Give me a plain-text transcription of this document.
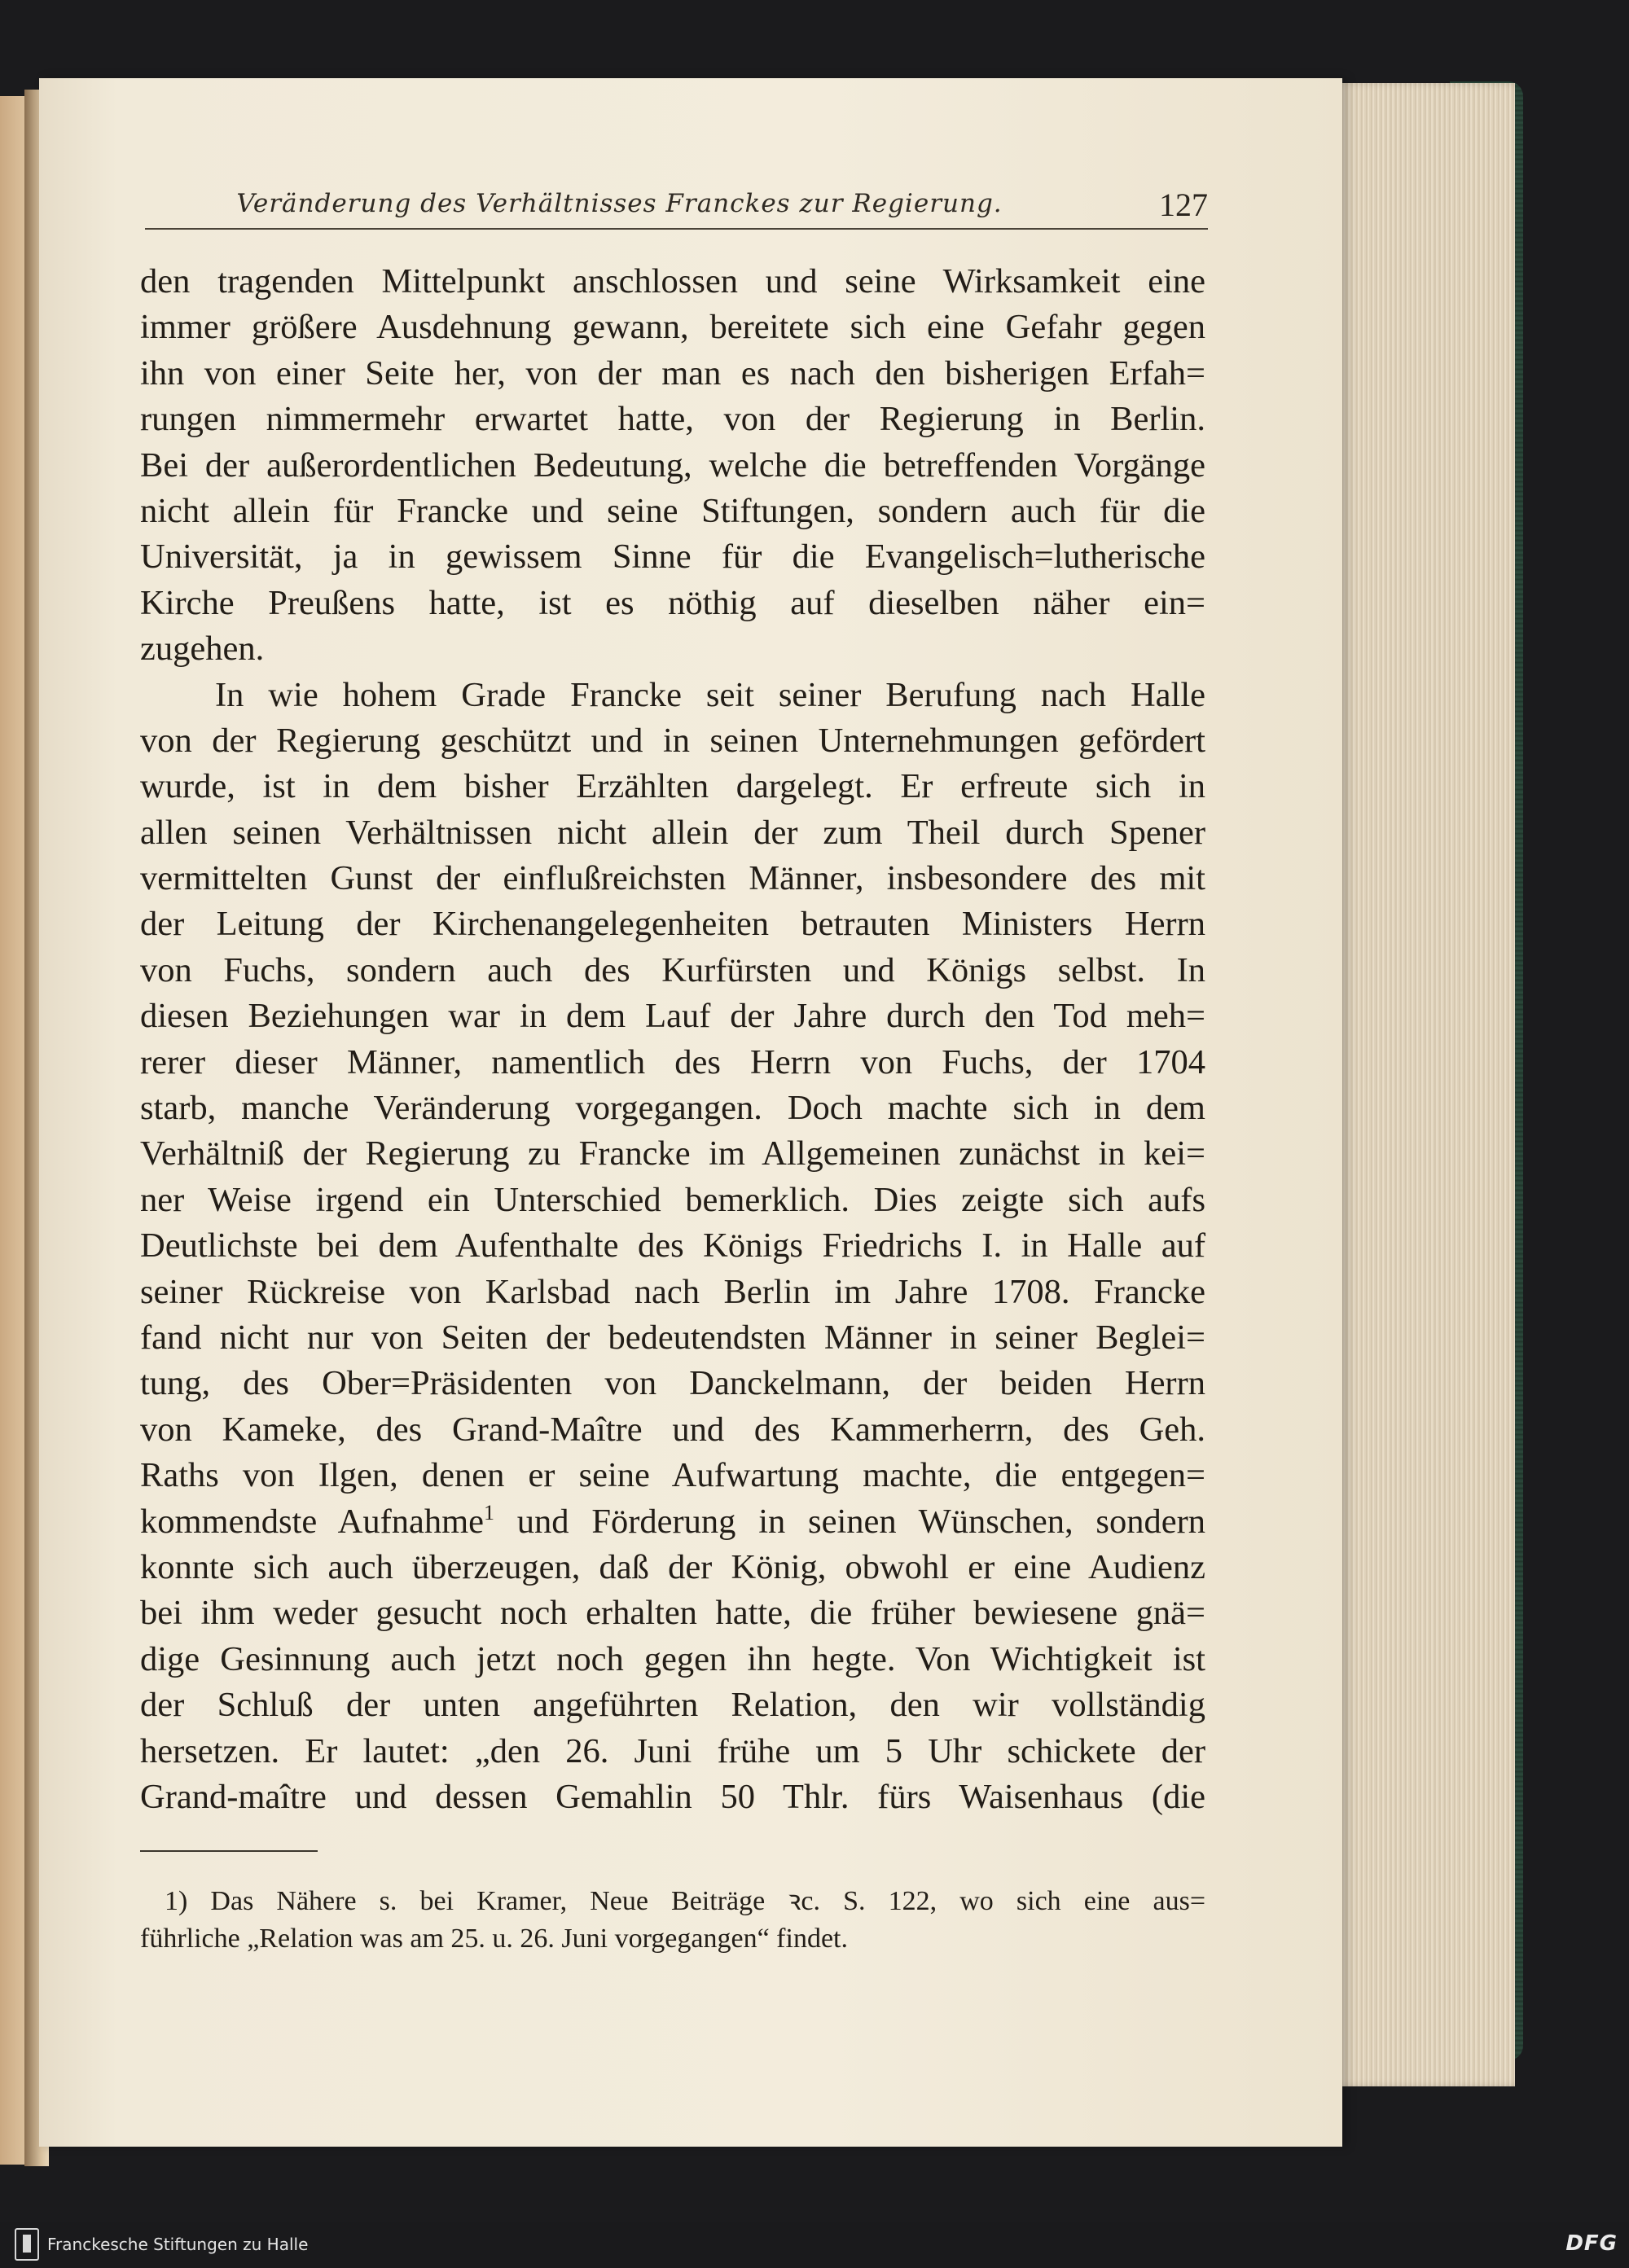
Veränderung des Verhältnisses Franckes zur Regierung.	127
den tragenden Mittelpunkt anschlossen und seine Wirksamkeit eine
immer größere Ausdehnung gewann, bereitete sich eine Gefahr gegen
ihn von einer Seite her, von der man es nach den bisherigen Erfah=
rungen nimmermehr erwartet hatte, von der Regierung in Berlin.
Bei der außerordentlichen Bedeutung, welche die betreffenden Vorgänge
nicht allein für Francke und seine Stiftungen, sondern auch für die
Universität, ja in gewissem Sinne für die Evangelisch=lutherische
Kirche Preußens hatte, ist es nöthig auf dieselben näher ein=
zugehen.
In wie hohem Grade Francke seit seiner Berufung nach Halle
von der Regierung geschützt und in seinen Unternehmungen gefördert
wurde, ist in dem bisher Erzählten dargelegt. Er erfreute sich in
allen seinen Verhältnissen nicht allein der zum Theil durch Spener
vermittelten Gunst der einflußreichsten Männer, insbesondere des mit
der Leitung der Kirchenangelegenheiten betrauten Ministers Herrn
von Fuchs, sondern auch des Kurfürsten und Königs selbst. In
diesen Beziehungen war in dem Lauf der Jahre durch den Tod meh=
rerer dieser Männer, namentlich des Herrn von Fuchs, der 1704
starb, manche Veränderung vorgegangen. Doch machte sich in dem
Verhältniß der Regierung zu Francke im Allgemeinen zunächst in kei=
ner Weise irgend ein Unterschied bemerklich. Dies zeigte sich aufs
Deutlichste bei dem Aufenthalte des Königs Friedrichs I. in Halle auf
seiner Rückreise von Karlsbad nach Berlin im Jahre 1708. Francke
fand nicht nur von Seiten der bedeutendsten Männer in seiner Beglei=
tung, des Ober=Präsidenten von Danckelmann, der beiden Herrn
von Kameke, des Grand-Maître und des Kammerherrn, des Geh.
Raths von Ilgen, denen er seine Aufwartung machte, die entgegen=
kommendste Aufnahme$^1$ und Förderung in seinen Wünschen, sondern
konnte sich auch überzeugen, daß der König, obwohl er eine Audienz
bei ihm weder gesucht noch erhalten hatte, die früher bewiesene gnä=
dige Gesinnung auch jetzt noch gegen ihn hegte. Von Wichtigkeit ist
der Schluß der unten angeführten Relation, den wir vollständig
hersetzen. Er lautet: „den 26. Juni frühe um 5 Uhr schickete der
Grand-maître und dessen Gemahlin 50 Thlr. fürs Waisenhaus (die
1) Das Nähere s. bei Kramer, Neue Beiträge ꝛc. S. 122, wo sich eine aus=
führliche „Relation was am 25. u. 26. Juni vorgegangen“ findet.
Franckesche Stiftungen zu Halle	DFG
